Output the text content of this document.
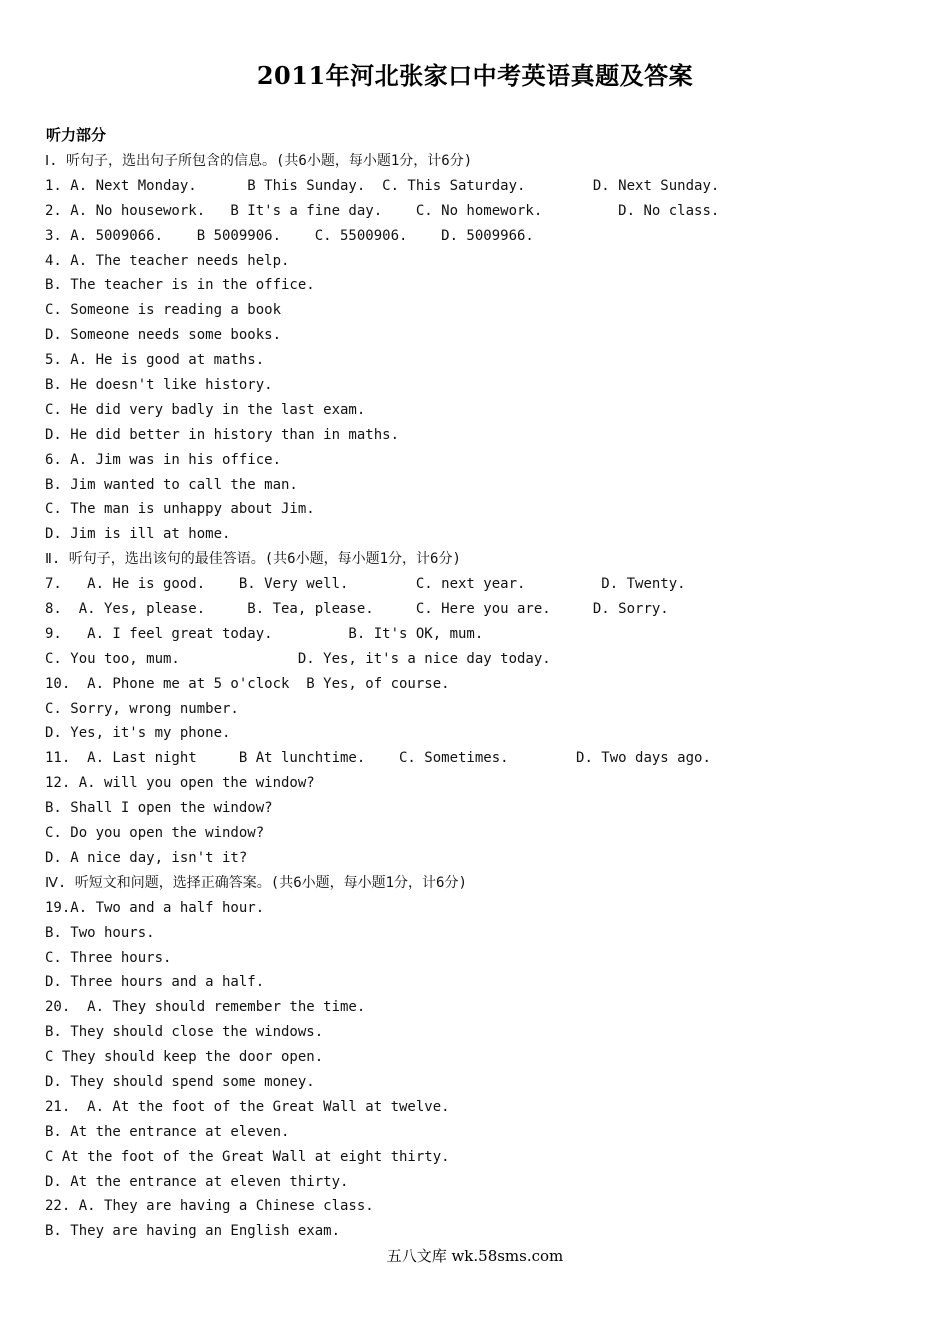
2011年河北张家口中考英语真题及答案
听力部分
Ⅰ. 听句子，选出句子所包含的信息。(共6小题，每小题1分，计6分)
1. A. Next Monday.      B This Sunday.  C. This Saturday.        D. Next Sunday.
2. A. No housework.   B It's a fine day.    C. No homework.         D. No class.
3. A. 5009066.    B 5009906.    C. 5500906.    D. 5009966.
4. A. The teacher needs help.
B. The teacher is in the office.
C. Someone is reading a book
D. Someone needs some books.
5. A. He is good at maths.
B. He doesn't like history.
C. He did very badly in the last exam.
D. He did better in history than in maths.
6. A. Jim was in his office.
B. Jim wanted to call the man.
C. The man is unhappy about Jim.
D. Jim is ill at home.
Ⅱ. 听句子，选出该句的最佳答语。(共6小题，每小题1分，计6分)
7.   A. He is good.    B. Very well.        C. next year.         D. Twenty.
8.  A. Yes, please.     B. Tea, please.     C. Here you are.     D. Sorry.
9.   A. I feel great today.         B. It's OK, mum.
C. You too, mum.              D. Yes, it's a nice day today.
10.  A. Phone me at 5 o'clock  B Yes, of course.
C. Sorry, wrong number.
D. Yes, it's my phone.
11.  A. Last night     B At lunchtime.    C. Sometimes.        D. Two days ago.
12. A. will you open the window?
B. Shall I open the window?
C. Do you open the window?
D. A nice day, isn't it?
Ⅳ. 听短文和问题，选择正确答案。(共6小题，每小题1分，计6分)
19.A. Two and a half hour.
B. Two hours.
C. Three hours.
D. Three hours and a half.
20.  A. They should remember the time.
B. They should close the windows.
C They should keep the door open.
D. They should spend some money.
21.  A. At the foot of the Great Wall at twelve.
B. At the entrance at eleven.
C At the foot of the Great Wall at eight thirty.
D. At the entrance at eleven thirty.
22. A. They are having a Chinese class.
B. They are having an English exam.
五八文库 wk.58sms.com
